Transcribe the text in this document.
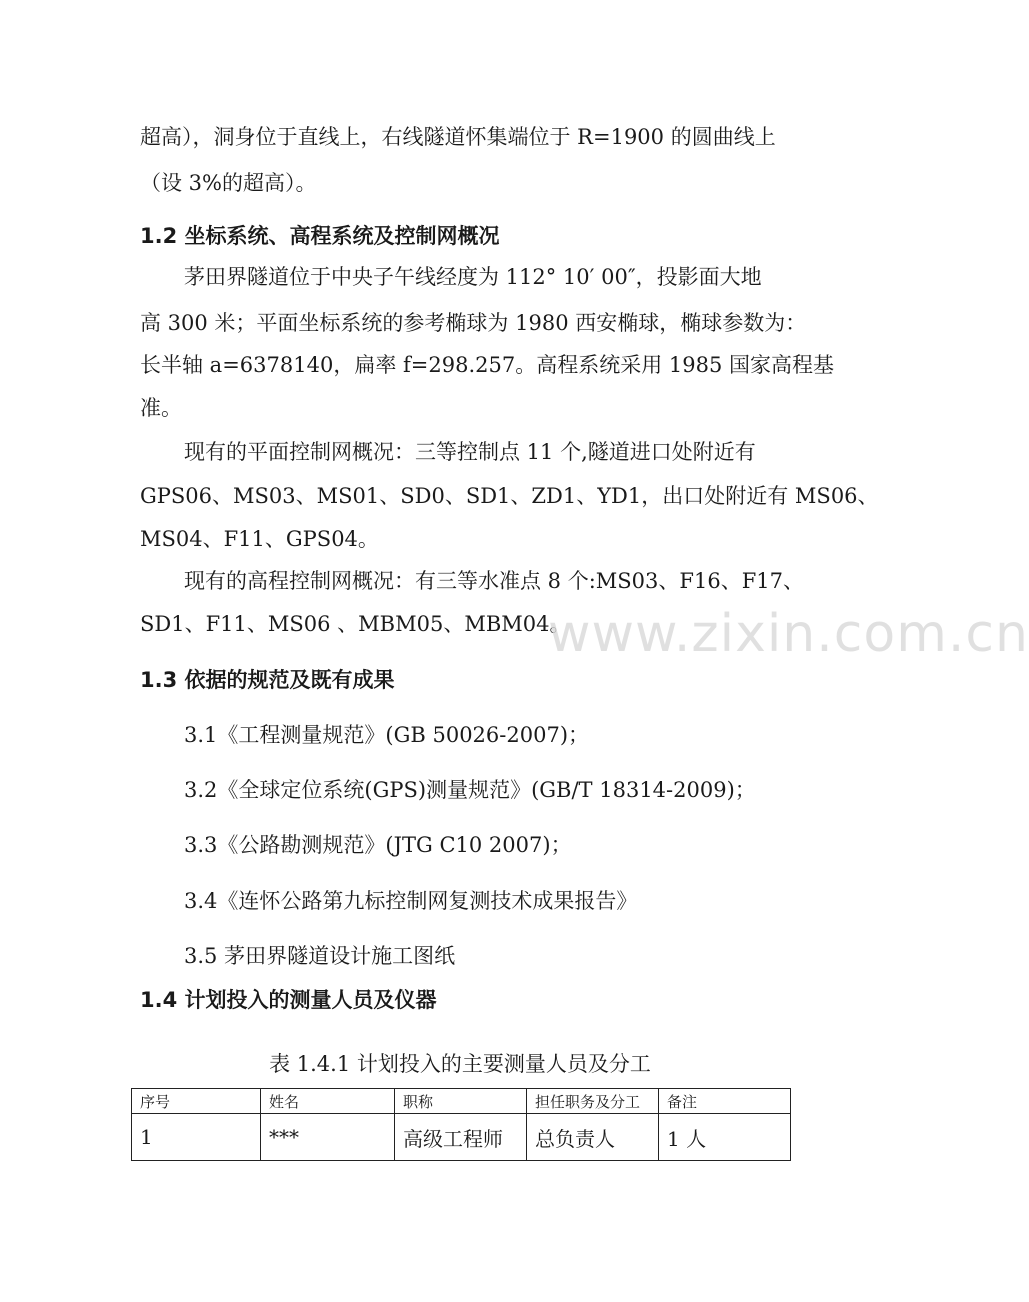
超高），洞身位于直线上，右线隧道怀集端位于 R=1900 的圆曲线上
（设 3%的超高）。
1.2 坐标系统、高程系统及控制网概况
茅田界隧道位于中央子午线经度为 112° 10′ 00″，投影面大地
高 300 米；平面坐标系统的参考椭球为 1980 西安椭球，椭球参数为：
长半轴 a=6378140，扁率 f=298.257。高程系统采用 1985 国家高程基
准。
现有的平面控制网概况：三等控制点 11 个,隧道进口处附近有
GPS06、MS03、MS01、SD0、SD1、ZD1、YD1，出口处附近有 MS06、
MS04、F11、GPS04。
现有的高程控制网概况：有三等水准点 8 个:MS03、F16、F17、
SD1、F11、MS06 、MBM05、MBM04。
1.3 依据的规范及既有成果
3.1《工程测量规范》(GB 50026-2007)；
3.2《全球定位系统(GPS)测量规范》(GB/T 18314-2009)；
3.3《公路勘测规范》(JTG C10 2007)；
3.4《连怀公路第九标控制网复测技术成果报告》
3.5 茅田界隧道设计施工图纸
1.4 计划投入的测量人员及仪器
表 1.4.1 计划投入的主要测量人员及分工
序号	姓名	职称	担任职务及分工	备注
1	***	高级工程师	总负责人	1 人
www.zixin.com.cn
